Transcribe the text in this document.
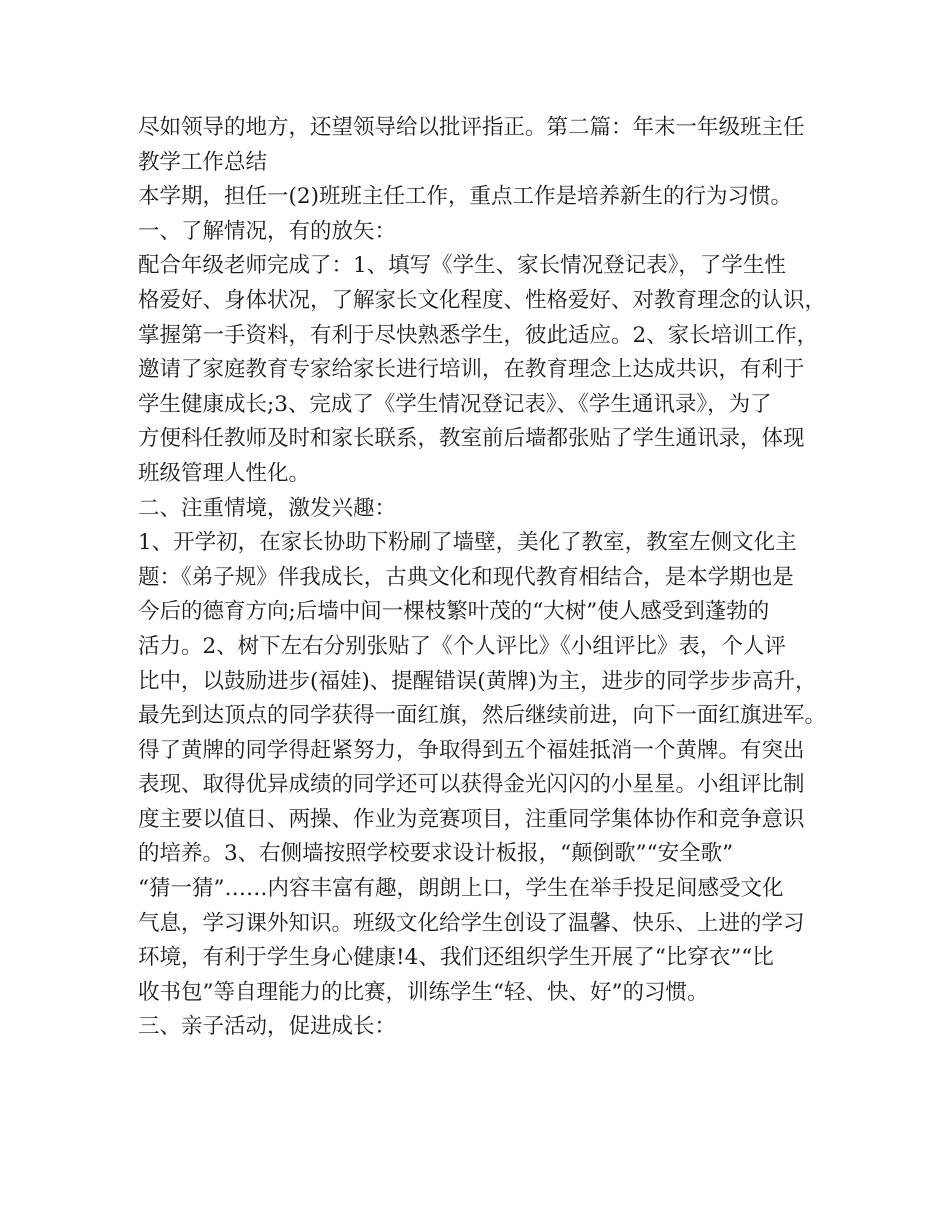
尽如领导的地方，还望领导给以批评指正。第二篇：年末一年级班主任
教学工作总结
本学期，担任一(2)班班主任工作，重点工作是培养新生的行为习惯。
一、了解情况，有的放矢：
配合年级老师完成了：1、填写《学生、家长情况登记表》，了学生性
格爱好、身体状况，了解家长文化程度、性格爱好、对教育理念的认识，
掌握第一手资料，有利于尽快熟悉学生，彼此适应。2、家长培训工作，
邀请了家庭教育专家给家长进行培训，在教育理念上达成共识，有利于
学生健康成长;3、完成了《学生情况登记表》、《学生通讯录》，为了
方便科任教师及时和家长联系，教室前后墙都张贴了学生通讯录，体现
班级管理人性化。
二、注重情境，激发兴趣：
1、开学初，在家长协助下粉刷了墙壁，美化了教室，教室左侧文化主
题：《弟子规》伴我成长，古典文化和现代教育相结合，是本学期也是
今后的德育方向;后墙中间一棵枝繁叶茂的“大树”使人感受到蓬勃的
活力。2、树下左右分别张贴了《个人评比》《小组评比》表，个人评
比中，以鼓励进步(福娃)、提醒错误(黄牌)为主，进步的同学步步高升，
最先到达顶点的同学获得一面红旗，然后继续前进，向下一面红旗进军。
得了黄牌的同学得赶紧努力，争取得到五个福娃抵消一个黄牌。有突出
表现、取得优异成绩的同学还可以获得金光闪闪的小星星。小组评比制
度主要以值日、两操、作业为竞赛项目，注重同学集体协作和竞争意识
的培养。3、右侧墙按照学校要求设计板报，“颠倒歌”“安全歌”
“猜一猜”……内容丰富有趣，朗朗上口，学生在举手投足间感受文化
气息，学习课外知识。班级文化给学生创设了温馨、快乐、上进的学习
环境，有利于学生身心健康!4、我们还组织学生开展了“比穿衣”“比
收书包”等自理能力的比赛，训练学生“轻、快、好”的习惯。
三、亲子活动，促进成长：
